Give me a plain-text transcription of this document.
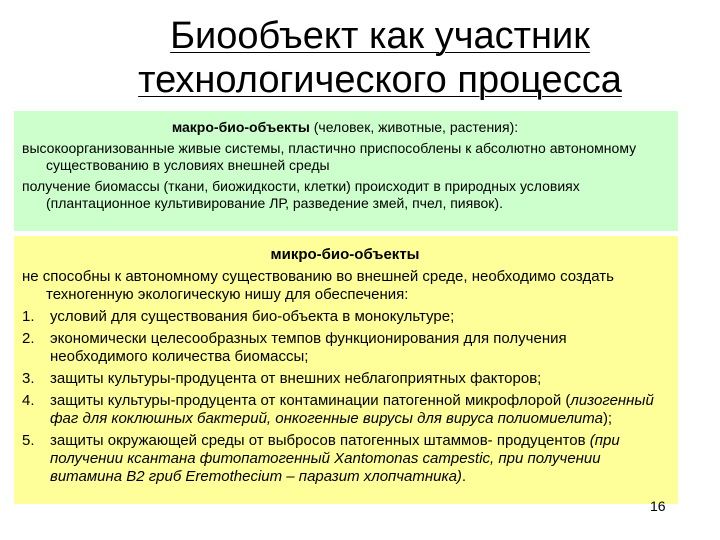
Биообъект как участник
технологического процесса
макро-био-объекты (человек, животные, растения):
высокоорганизованные живые системы, пластично приспособлены к абсолютно автономному существованию в условиях внешней среды
получение биомассы (ткани, биожидкости, клетки) происходит в природных условиях (плантационное культивирование ЛР, разведение змей, пчел, пиявок).
микро-био-объекты
не способны к автономному существованию во внешней среде, необходимо создать техногенную экологическую нишу для обеспечения:
1.	условий для существования био-объекта в монокультуре;
2.	экономически целесообразных темпов функционирования для получения необходимого количества биомассы;
3.	защиты культуры-продуцента от внешних неблагоприятных факторов;
4.	защиты культуры-продуцента от контаминации патогенной микрофлорой (лизогенный фаг для коклюшных бактерий, онкогенные вирусы для вируса полиомиелита);
5.	защиты окружающей среды от выбросов патогенных штаммов- продуцентов (при получении ксантана фитопатогенный Xantomonas campestic, при получении витамина В2 гриб Eremothecium – паразит хлопчатника).
16
